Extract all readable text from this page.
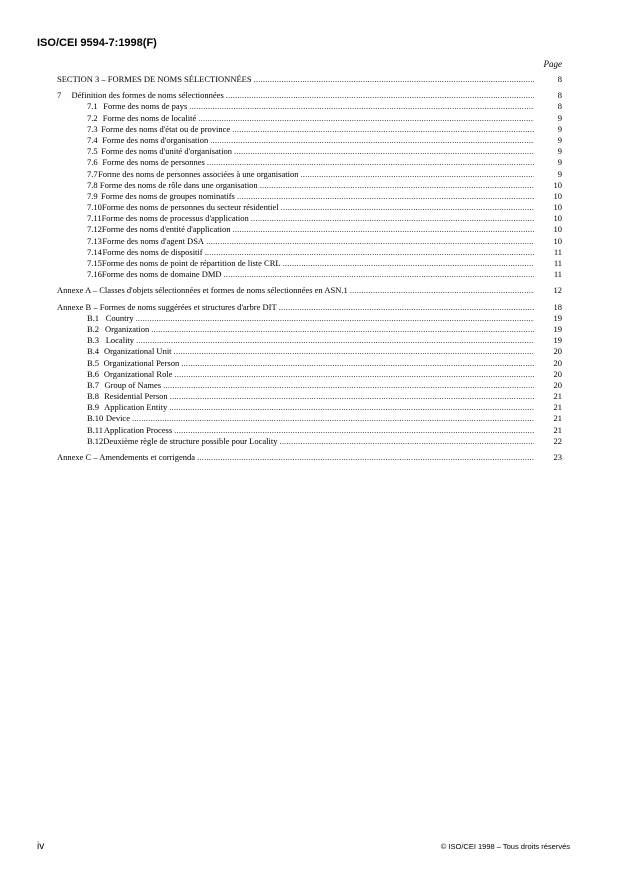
ISO/CEI 9594-7:1998(F)
Page
SECTION 3 – FORMES DE NOMS SÉLECTIONNÉES .....	8
7	Définition des formes de noms sélectionnées .....	8
7.1 Forme des noms de pays .....	8
7.2 Forme des noms de localité .....	9
7.3 Forme des noms d'état ou de province .....	9
7.4 Forme des noms d'organisation .....	9
7.5 Forme des noms d'unité d'organisation .....	9
7.6 Forme des noms de personnes .....	9
7.7 Forme des noms de personnes associées à une organisation .....	9
7.8 Forme des noms de rôle dans une organisation .....	10
7.9 Forme des noms de groupes nominatifs .....	10
7.10 Forme des noms de personnes du secteur résidentiel .....	10
7.11 Forme des noms de processus d'application .....	10
7.12 Forme des noms d'entité d'application .....	10
7.13 Forme des noms d'agent DSA .....	10
7.14 Forme des noms de dispositif .....	11
7.15 Forme des noms de point de répartition de liste CRL .....	11
7.16 Forme des noms de domaine DMD .....	11
Annexe A – Classes d'objets sélectionnées et formes de noms sélectionnées en ASN.1 .....	12
Annexe B – Formes de noms suggérées et structures d'arbre DIT .....	18
B.1 Country .....	19
B.2 Organization .....	19
B.3 Locality .....	19
B.4 Organizational Unit .....	20
B.5 Organizational Person .....	20
B.6 Organizational Role .....	20
B.7 Group of Names .....	20
B.8 Residential Person .....	21
B.9 Application Entity .....	21
B.10 Device .....	21
B.11 Application Process .....	21
B.12 Deuxième règle de structure possible pour Locality .....	22
Annexe C – Amendements et corrigenda .....	23
iv	© ISO/CEI 1998 – Tous droits réservés
